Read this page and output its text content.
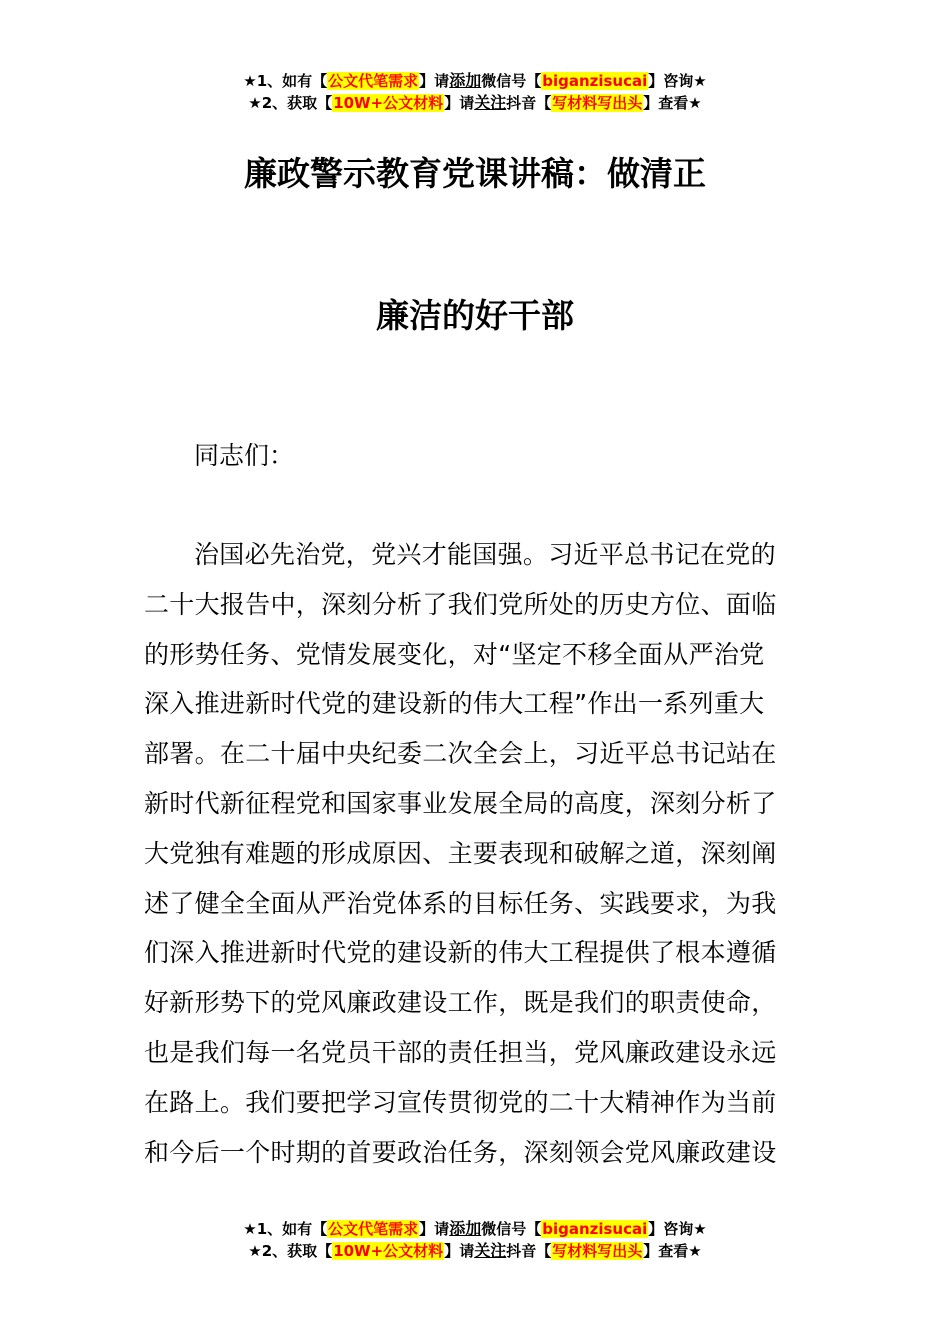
★1、如有【公文代笔需求】请添加微信号【biganzisucai】咨询★
★2、获取【10W+公文材料】请关注抖音【写材料写出头】查看★
廉政警示教育党课讲稿：做清正
廉洁的好干部
同志们：
治国必先治党，党兴才能国强。习近平总书记在党的
二十大报告中，深刻分析了我们党所处的历史方位、面临
的形势任务、党情发展变化，对“坚定不移全面从严治党
深入推进新时代党的建设新的伟大工程”作出一系列重大
部署。在二十届中央纪委二次全会上，习近平总书记站在
新时代新征程党和国家事业发展全局的高度，深刻分析了
大党独有难题的形成原因、主要表现和破解之道，深刻阐
述了健全全面从严治党体系的目标任务、实践要求，为我
们深入推进新时代党的建设新的伟大工程提供了根本遵循
好新形势下的党风廉政建设工作，既是我们的职责使命，
也是我们每一名党员干部的责任担当，党风廉政建设永远
在路上。我们要把学习宣传贯彻党的二十大精神作为当前
和今后一个时期的首要政治任务，深刻领会党风廉政建设
★1、如有【公文代笔需求】请添加微信号【biganzisucai】咨询★
★2、获取【10W+公文材料】请关注抖音【写材料写出头】查看★
